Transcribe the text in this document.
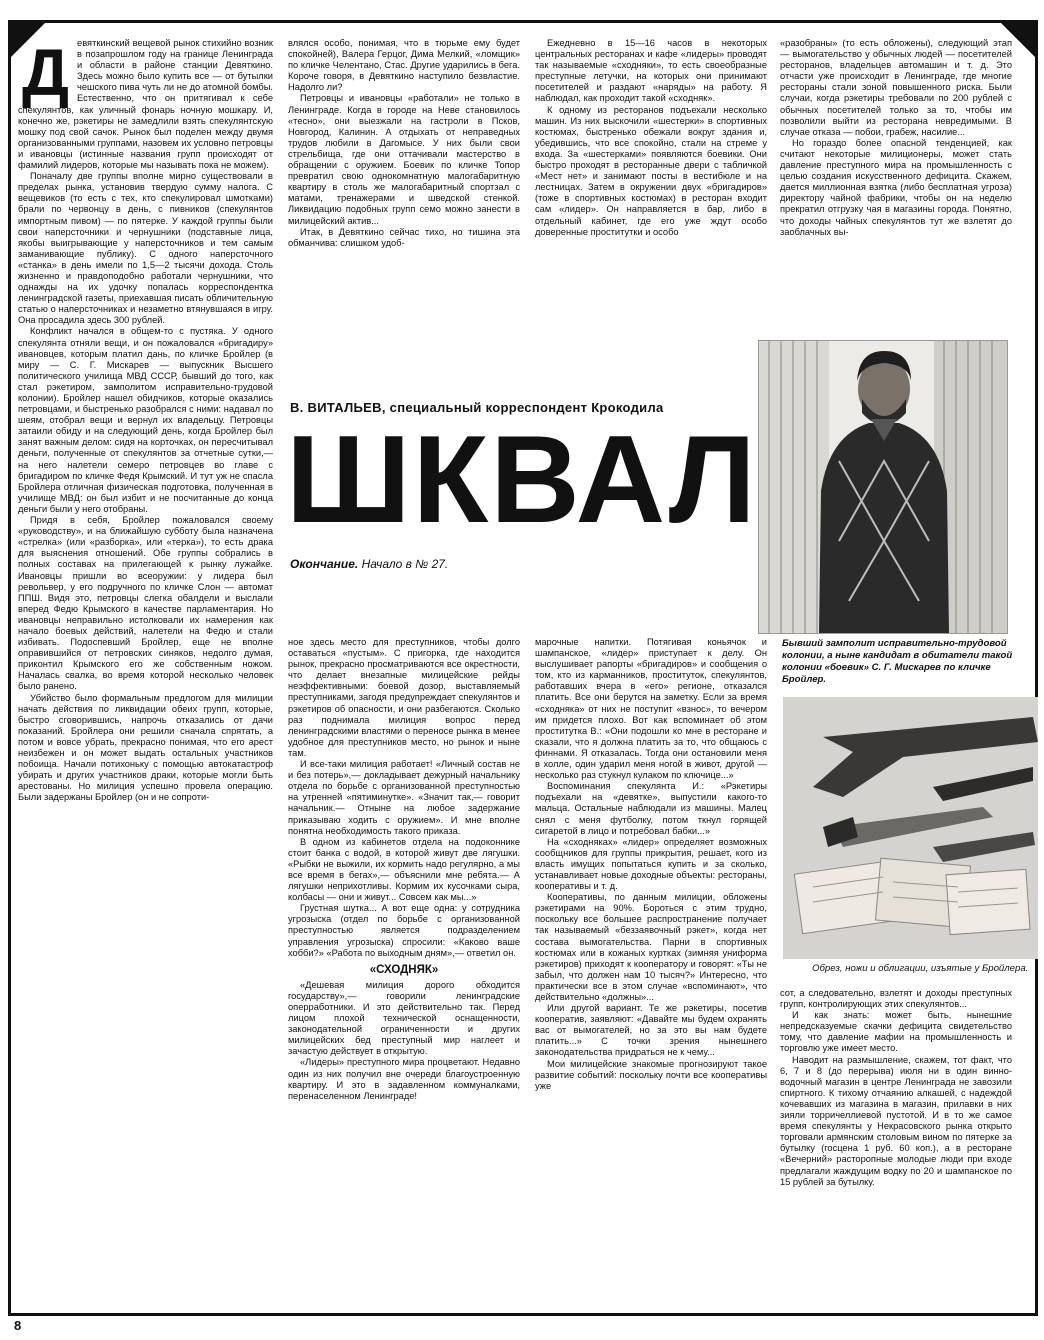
Д евяткинский вещевой рынок стихийно возник в позапрошлом году на границе Ленинграда и области в районе станции Девяткино. Здесь можно было купить все — от бутылки чешского пива чуть ли не до атомной бомбы. Естественно, что он притягивал к себе спекулянтов, как уличный фонарь ночную мошкару. И, конечно же, рэкетиры не замедлили взять спекулянтскую мошку под свой сачок. Рынок был поделен между двумя организованными группами, назовем их условно петровцы и ивановцы (истинные названия групп происходят от фамилий лидеров, которые мы называть пока не можем).

Поначалу две группы вполне мирно существовали в пределах рынка, установив твердую сумму налога. С вещевиков (то есть с тех, кто спекулировал шмотками) брали по червонцу в день, с пивников (спекулянтов импортным пивом) — по пятерке. У каждой группы были свои наперсточники и чернушники (подставные лица, якобы выигрывающие у наперсточников и тем самым заманивающие публику). С одного наперсточного «станка» в день имели по 1,5—2 тысячи дохода. Столь жизненно и правдоподобно работали чернушники, что однажды на их удочку попалась корреспондентка ленинградской газеты, приехавшая писать обличительную статью о наперсточниках и незаметно втянувшаяся в игру. Она просадила здесь 300 рублей.

Конфликт начался в общем-то с пустяка. У одного спекулянта отняли вещи, и он пожаловался «бригадиру» ивановцев, которым платил дань, по кличке Бройлер (в миру — С. Г. Мискарев — выпускник Высшего политического училища МВД СССР, бывший до того, как стал рэкетиром, замполитом исправительно-трудовой колонии). Бройлер нашел обидчиков, которые оказались петровцами, и быстренько разобрался с ними: надавал по шеям, отобрал вещи и вернул их владельцу. Петровцы затаили обиду и на следующий день, когда Бройлер был занят важным делом: сидя на корточках, он пересчитывал деньги, полученные от спекулянтов за отчетные сутки,— на него налетели семеро петровцев во главе с бригадиром по кличке Федя Крымский. И тут уж не спасла Бройлера отличная физическая подготовка, полученная в училище МВД: он был избит и не посчитанные до конца деньги были у него отобраны.

Придя в себя, Бройлер пожаловался своему «руководству», и на ближайшую субботу была назначена «стрелка» (или «разборка», или «терка»), то есть драка для выяснения отношений. Обе группы собрались в полных составах на прилегающей к рынку лужайке. Ивановцы пришли во всеоружии: у лидера был револьвер, у его подручного по кличке Слон — автомат ППШ. Видя это, петровцы слегка обалдели и выслали вперед Федю Крымского в качестве парламентария. Но ивановцы неправильно истолковали их намерения как начало боевых действий, налетели на Федю и стали избивать. Подоспевший Бройлер, еще не вполне оправившийся от петровских синяков, недолго думая, приконтил Крымского его же собственным ножом. Началась свалка, во время которой несколько человек было ранено.

Убийство было формальным предлогом для милиции начать действия по ликвидации обеих групп, которые, быстро сговорившись, напрочь отказались от дачи показаний. Бройлера они решили сначала спрятать, а потом и вовсе убрать, прекрасно понимая, что его арест неизбежен и он может выдать остальных участников побоища. Начали потихоньку с помощью автокатастроф убирать и других участников драки, которые могли быть арестованы. Но милиция успешно провела операцию. Были задержаны Бройлер (он и не сопроти-

влялся особо, понимая, что в тюрьме ему будет спокойней), Валера Герцог, Дима Мелкий, «ломщик» по кличке Челентано, Стас. Другие ударились в бега. Короче говоря, в Девяткино наступило безвластие. Надолго ли?

Петровцы и ивановцы «работали» не только в Ленинграде. Когда в городе на Неве становилось «тесно», они выезжали на гастроли в Псков, Новгород, Калинин. А отдыхать от неправедных трудов любили в Дагомысе. У них были свои стрельбища, где они оттачивали мастерство в обращении с оружием. Боевик по кличке Топор превратил свою однокомнатную малогабаритную квартиру в столь же малогабаритный спортзал с матами, тренажерами и шведской стенкой. Ликвидацию подобных групп семо можно занести в милицейский актив...

Итак, в Девяткино сейчас тихо, но тишина эта обманчива: слишком удоб-

Ежедневно в 15—16 часов в некоторых центральных ресторанах и кафе «лидеры» проводят так называемые «сходняки», то есть своеобразные преступные летучки, на которых они принимают посетителей и раздают «наряды» на работу. Я наблюдал, как проходит такой «сходняк».

К одному из ресторанов подъехали несколько машин. Из них выскочили «шестерки» в спортивных костюмах, быстренько обежали вокруг здания и, убедившись, что все спокойно, стали на стреме у входа. За «шестерками» появляются боевики. Они быстро проходят в ресторанные двери с табличкой «Мест нет» и занимают посты в вестибюле и на лестницах. Затем в окружении двух «бригадиров» (тоже в спортивных костюмах) в ресторан входит сам «лидер». Он направляется в бар, либо в отдельный кабинет, где его уже ждут особо доверенные проститутки и особо

«разобраны» (то есть обложены), следующий этап — вымогательство у обычных людей — посетителей ресторанов, владельцев автомашин и т. д. Это отчасти уже происходит в Ленинграде, где многие рестораны стали зоной повышенного риска. Были случаи, когда рэкетиры требовали по 200 рублей с обычных посетителей только за то, чтобы им позволили выйти из ресторана невредимыми. В случае отказа — побои, грабеж, насилие...

Но гораздо более опасной тенденцией, как считают некоторые милиционеры, может стать давление преступного мира на промышленность с целью создания искусственного дефицита. Скажем, дается миллионная взятка (либо бесплатная угроза) директору чайной фабрики, чтобы он на неделю прекратил отгрузку чая в магазины города. Понятно, что доходы чайных спекулянтов тут же взлетят до заоблачных вы-

В. ВИТАЛЬЕВ, специальный корреспондент Крокодила
ШКВАЛ
Окончание. Начало в № 27.
Бывший замполит исправительно-трудовой колонии, а ныне кандидат в обитатели такой колонии «боевик» С. Г. Мискарев по кличке Бройлер.
Обрез, ножи и облигации, изъятые у Бройлера.

ное здесь место для преступников, чтобы долго оставаться «пустым». С пригорка, где находится рынок, прекрасно просматриваются все окрестности, что делает внезапные милицейские рейды неэффективными: боевой дозор, выставляемый преступниками, загодя предупреждает спекулянтов и рэкетиров об опасности, и они разбегаются. Сколько раз поднимала милиция вопрос перед ленинградскими властями о переносе рынка в менее удобное для преступников место, но рынок и ныне там.

И все-таки милиция работает! «Личный состав не и без потерь»,— докладывает дежурный начальнику отдела по борьбе с организованной преступностью на утренней «пятиминутке». «Значит так,— говорит начальник.— Отныне на любое задержание приказываю ходить с оружием». И мне вполне понятна необходимость такого приказа.

В одном из кабинетов отдела на подоконнике стоит банка с водой, в которой живут две лягушки. «Рыбки не выжили, их кормить надо регулярно, а мы все время в бегах»,— объяснили мне ребята.— А лягушки неприхотливы. Кормим их кусочками сыра, колбасы — они и живут... Совсем как мы...»

Грустная шутка... А вот еще одна: у сотрудника угрозыска (отдел по борьбе с организованной преступностью является подразделением управления угрозыска) спросили: «Каково ваше хобби?» «Работа по выходным дням»,— ответил он.

«СХОДНЯК»

«Дешевая милиция дорого обходится государству»,— говорили ленинградские оперработники. И это действительно так. Перед лицом плохой технической оснащенности, законодательной ограниченности и других милицейских бед преступный мир наглеет и зачастую действует в открытую.

«Лидеры» преступного мира процветают. Недавно один из них получил вне очереди благоустроенную квартиру. И это в задавленном коммуналками, перенаселенном Ленинграде!

марочные напитки. Потягивая коньячок и шампанское, «лидер» приступает к делу. Он выслушивает рапорты «бригадиров» и сообщения о том, кто из карманников, проституток, спекулянтов, работавших вчера в «его» регионе, отказался платить. Все они берутся на заметку. Если за время «сходняка» от них не поступит «взнос», то вечером им придется плохо. Вот как вспоминает об этом проститутка В.: «Они подошли ко мне в ресторане и сказали, что я должна платить за то, что общаюсь с финнами. Я отказалась. Тогда они остановили меня в холле, один ударил меня ногой в живот, другой — несколько раз стукнул кулаком по ключице...»

Воспоминания спекулянта И.: «Рэкетиры подъехали на «девятке», выпустили какого-то мальца. Остальные наблюдали из машины. Малец снял с меня футболку, потом ткнул горящей сигаретой в лицо и потребовал бабки...»

На «сходняках» «лидер» определяет возможных сообщников для группы прикрытия, решает, кого из власть имущих попытаться купить и за сколько, устанавливает новые доходные объекты: рестораны, кооперативы и т. д.

Кооперативы, по данным милиции, обложены рэкетирами на 90%. Бороться с этим трудно, поскольку все большее распространение получает так называемый «беззаявочный рэкет», когда нет состава вымогательства. Парни в спортивных костюмах или в кожаных куртках (зимняя униформа рэкетиров) приходят к кооператору и говорят: «Ты не забыл, что должен нам 10 тысяч?» Интересно, что практически все в этом случае «вспоминают», что действительно «должны»...

Или другой вариант. Те же рэкетиры, посетив кооператив, заявляют: «Давайте мы будем охранять вас от вымогателей, но за это вы нам будете платить...» С точки зрения нынешнего законодательства придраться не к чему...

Мои милицейские знакомые прогнозируют такое развитие событий: поскольку почти все кооперативы уже

сот, а следовательно, взлетят и доходы преступных групп, контролирующих этих спекулянтов...

И как знать: может быть, нынешние непредсказуемые скачки дефицита свидетельство тому, что давление мафии на промышленность и торговлю уже имеет место.

Наводит на размышление, скажем, тот факт, что 6, 7 и 8 (до перерыва) июля ни в один винно-водочный магазин в центре Ленинграда не завозили спиртного. К тихому отчаянию алкашей, с надеждой кочевавших из магазина в магазин, прилавки в них зияли торричеллиевой пустотой. И в то же самое время спекулянты у Некрасовского рынка открыто торговали армянским столовым вином по пятерке за бутылку (госцена 1 руб. 60 коп.), а в ресторане «Вечерний» расторопные молодые люди при входе предлагали жаждущим водку по 20 и шампанское по 15 рублей за бутылку.

8
